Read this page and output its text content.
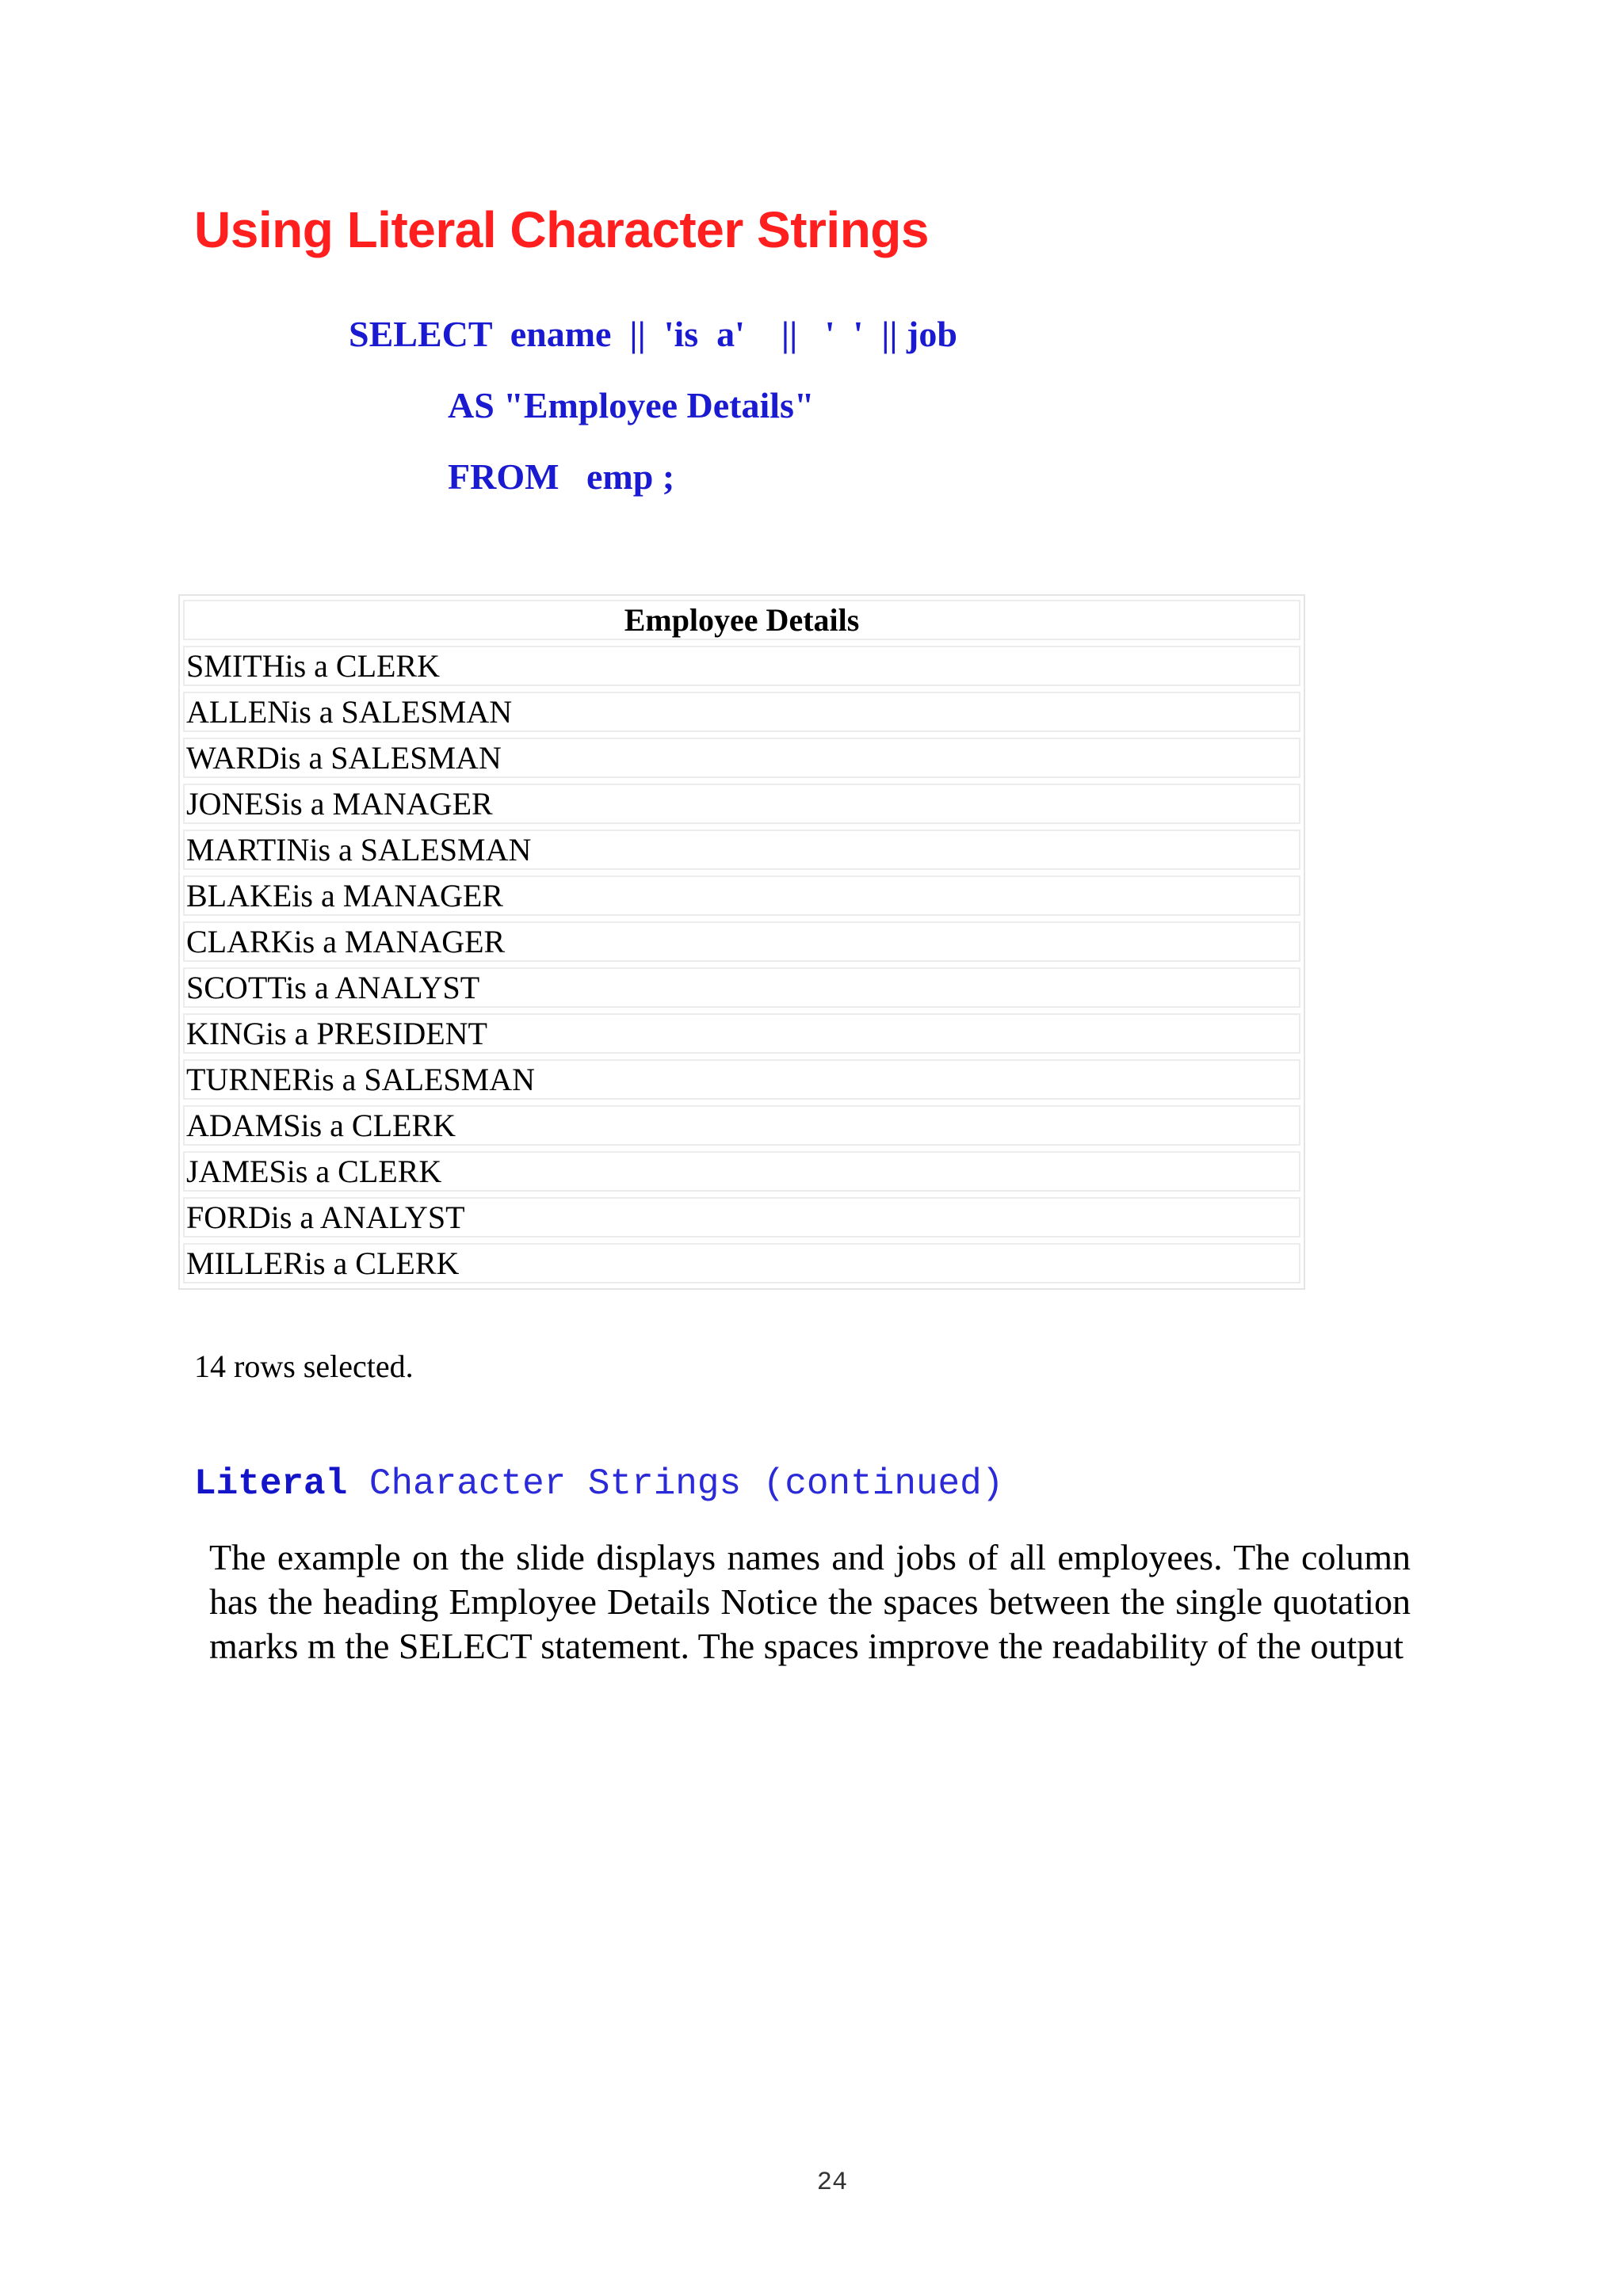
Using Literal Character Strings

SELECT  ename  ||  'is  a'    ||   '  '  || job

AS "Employee Details"

FROM   emp ;

Employee Details
SMITHis a CLERK
ALLENis a SALESMAN
WARDis a SALESMAN
JONESis a MANAGER
MARTINis a SALESMAN
BLAKEis a MANAGER
CLARKis a MANAGER
SCOTTis a ANALYST
KINGis a PRESIDENT
TURNERis a SALESMAN
ADAMSis a CLERK
JAMESis a CLERK
FORDis a ANALYST
MILLERis a CLERK

14 rows selected.

Literal Character Strings (continued)

The example on the slide displays names and jobs of all employees. The column has the heading Employee Details Notice the spaces between the single quotation marks m the SELECT statement. The spaces improve the readability of the output

24
